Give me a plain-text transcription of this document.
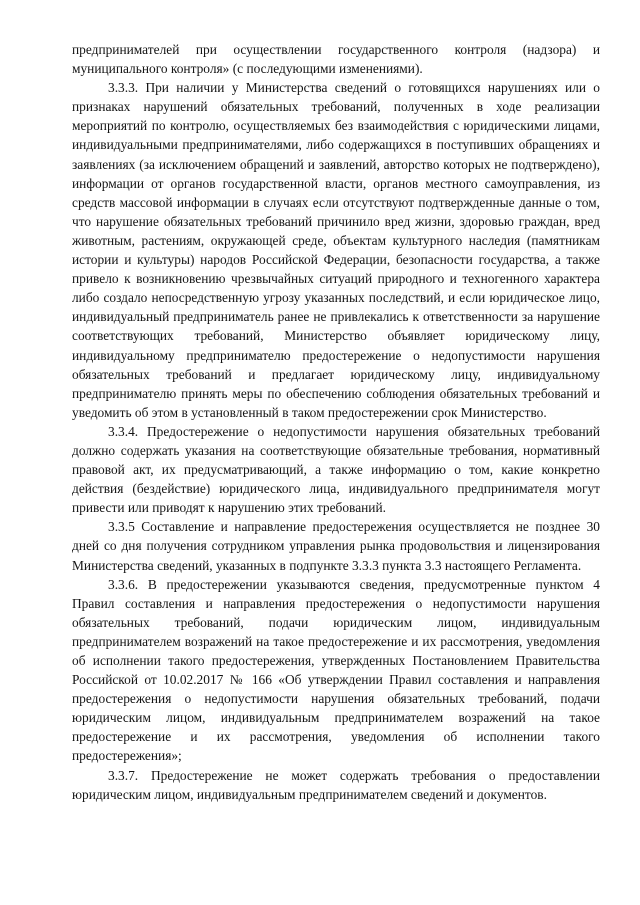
предпринимателей при осуществлении государственного контроля (надзора) и муниципального контроля» (с последующими изменениями).

3.3.3. При наличии у Министерства сведений о готовящихся нарушениях или о признаках нарушений обязательных требований, полученных в ходе реализации мероприятий по контролю, осуществляемых без взаимодействия с юридическими лицами, индивидуальными предпринимателями, либо содержащихся в поступивших обращениях и заявлениях (за исключением обращений и заявлений, авторство которых не подтверждено), информации от органов государственной власти, органов местного самоуправления, из средств массовой информации в случаях если отсутствуют подтвержденные данные о том, что нарушение обязательных требований причинило вред жизни, здоровью граждан, вред животным, растениям, окружающей среде, объектам культурного наследия (памятникам истории и культуры) народов Российской Федерации, безопасности государства, а также привело к возникновению чрезвычайных ситуаций природного и техногенного характера либо создало непосредственную угрозу указанных последствий, и если юридическое лицо, индивидуальный предприниматель ранее не привлекались к ответственности за нарушение соответствующих требований, Министерство объявляет юридическому лицу, индивидуальному предпринимателю предостережение о недопустимости нарушения обязательных требований и предлагает юридическому лицу, индивидуальному предпринимателю принять меры по обеспечению соблюдения обязательных требований и уведомить об этом в установленный в таком предостережении срок Министерство.

3.3.4. Предостережение о недопустимости нарушения обязательных требований должно содержать указания на соответствующие обязательные требования, нормативный правовой акт, их предусматривающий, а также информацию о том, какие конкретно действия (бездействие) юридического лица, индивидуального предпринимателя могут привести или приводят к нарушению этих требований.

3.3.5 Составление и направление предостережения осуществляется не позднее 30 дней со дня получения сотрудником управления рынка продовольствия и лицензирования Министерства сведений, указанных в подпункте 3.3.3 пункта 3.3 настоящего Регламента.

3.3.6. В предостережении указываются сведения, предусмотренные пунктом 4 Правил составления и направления предостережения о недопустимости нарушения обязательных требований, подачи юридическим лицом, индивидуальным предпринимателем возражений на такое предостережение и их рассмотрения, уведомления об исполнении такого предостережения, утвержденных Постановлением Правительства Российской от 10.02.2017 № 166 «Об утверждении Правил составления и направления предостережения о недопустимости нарушения обязательных требований, подачи юридическим лицом, индивидуальным предпринимателем возражений на такое предостережение и их рассмотрения, уведомления об исполнении такого предостережения»;

3.3.7. Предостережение не может содержать требования о предоставлении юридическим лицом, индивидуальным предпринимателем сведений и документов.
